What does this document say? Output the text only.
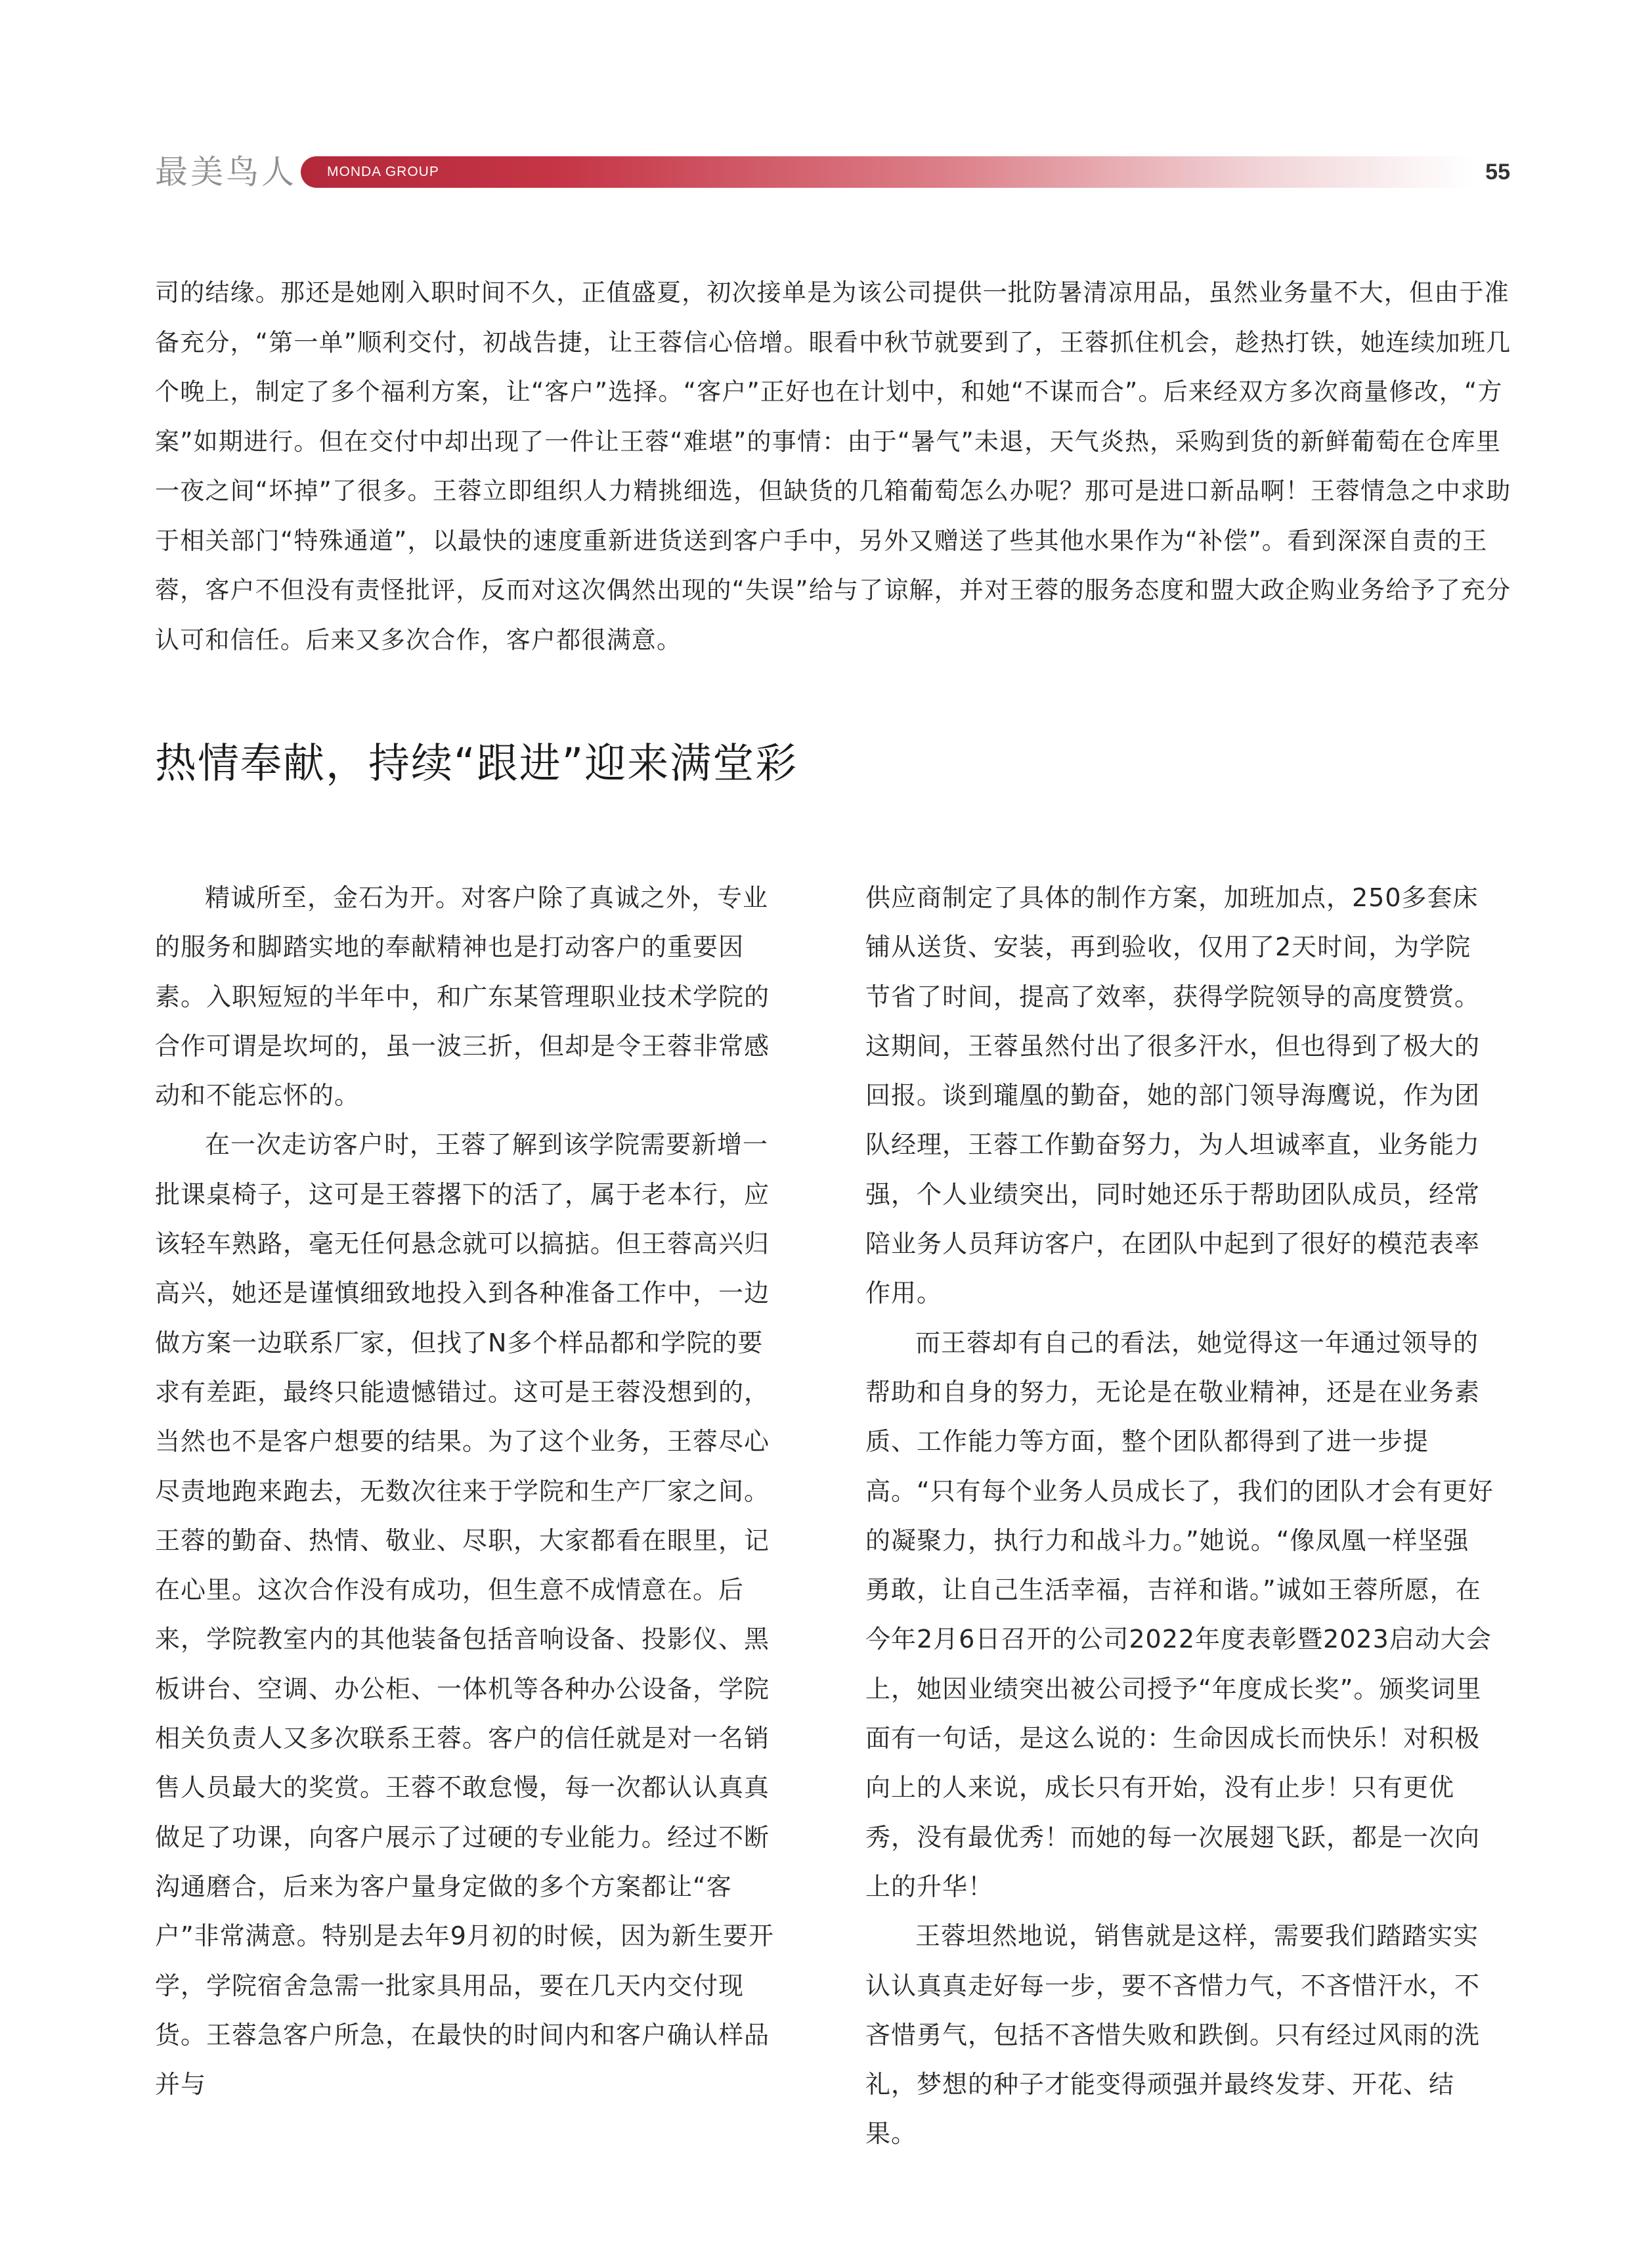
最美鸟人 MONDA GROUP	55

司的结缘。那还是她刚入职时间不久，正值盛夏，初次接单是为该公司提供一批防暑清凉用品，虽然业务量不大，但由于准备充分，“第一单”顺利交付，初战告捷，让王蓉信心倍增。眼看中秋节就要到了，王蓉抓住机会，趁热打铁，她连续加班几个晚上，制定了多个福利方案，让“客户”选择。“客户”正好也在计划中，和她“不谋而合”。后来经双方多次商量修改，“方案”如期进行。但在交付中却出现了一件让王蓉“难堪”的事情：由于“暑气”未退，天气炎热，采购到货的新鲜葡萄在仓库里一夜之间“坏掉”了很多。王蓉立即组织人力精挑细选，但缺货的几箱葡萄怎么办呢？那可是进口新品啊！王蓉情急之中求助于相关部门“特殊通道”，以最快的速度重新进货送到客户手中，另外又赠送了些其他水果作为“补偿”。看到深深自责的王蓉，客户不但没有责怪批评，反而对这次偶然出现的“失误”给与了谅解，并对王蓉的服务态度和盟大政企购业务给予了充分认可和信任。后来又多次合作，客户都很满意。

热情奉献，持续“跟进”迎来满堂彩

精诚所至，金石为开。对客户除了真诚之外，专业的服务和脚踏实地的奉献精神也是打动客户的重要因素。入职短短的半年中，和广东某管理职业技术学院的合作可谓是坎坷的，虽一波三折，但却是令王蓉非常感动和不能忘怀的。

在一次走访客户时，王蓉了解到该学院需要新增一批课桌椅子，这可是王蓉撂下的活了，属于老本行，应该轻车熟路，毫无任何悬念就可以搞掂。但王蓉高兴归高兴，她还是谨慎细致地投入到各种准备工作中，一边做方案一边联系厂家，但找了N多个样品都和学院的要求有差距，最终只能遗憾错过。这可是王蓉没想到的，当然也不是客户想要的结果。为了这个业务，王蓉尽心尽责地跑来跑去，无数次往来于学院和生产厂家之间。王蓉的勤奋、热情、敬业、尽职，大家都看在眼里，记在心里。这次合作没有成功，但生意不成情意在。后来，学院教室内的其他装备包括音响设备、投影仪、黑板讲台、空调、办公柜、一体机等各种办公设备，学院相关负责人又多次联系王蓉。客户的信任就是对一名销售人员最大的奖赏。王蓉不敢怠慢，每一次都认认真真做足了功课，向客户展示了过硬的专业能力。经过不断沟通磨合，后来为客户量身定做的多个方案都让“客户”非常满意。特别是去年9月初的时候，因为新生要开学，学院宿舍急需一批家具用品，要在几天内交付现货。王蓉急客户所急，在最快的时间内和客户确认样品并与

供应商制定了具体的制作方案，加班加点，250多套床铺从送货、安装，再到验收，仅用了2天时间，为学院节省了时间，提高了效率，获得学院领导的高度赞赏。这期间，王蓉虽然付出了很多汗水，但也得到了极大的回报。谈到瓏凰的勤奋，她的部门领导海鹰说，作为团队经理，王蓉工作勤奋努力，为人坦诚率直，业务能力强，个人业绩突出，同时她还乐于帮助团队成员，经常陪业务人员拜访客户，在团队中起到了很好的模范表率作用。

而王蓉却有自己的看法，她觉得这一年通过领导的帮助和自身的努力，无论是在敬业精神，还是在业务素质、工作能力等方面，整个团队都得到了进一步提高。“只有每个业务人员成长了，我们的团队才会有更好的凝聚力，执行力和战斗力。”她说。“像凤凰一样坚强勇敢，让自己生活幸福，吉祥和谐。”诚如王蓉所愿，在今年2月6日召开的公司2022年度表彰暨2023启动大会上，她因业绩突出被公司授予“年度成长奖”。颁奖词里面有一句话，是这么说的：生命因成长而快乐！对积极向上的人来说，成长只有开始，没有止步！只有更优秀，没有最优秀！而她的每一次展翅飞跃，都是一次向上的升华！

王蓉坦然地说，销售就是这样，需要我们踏踏实实认认真真走好每一步，要不吝惜力气，不吝惜汗水，不吝惜勇气，包括不吝惜失败和跌倒。只有经过风雨的洗礼，梦想的种子才能变得顽强并最终发芽、开花、结果。
